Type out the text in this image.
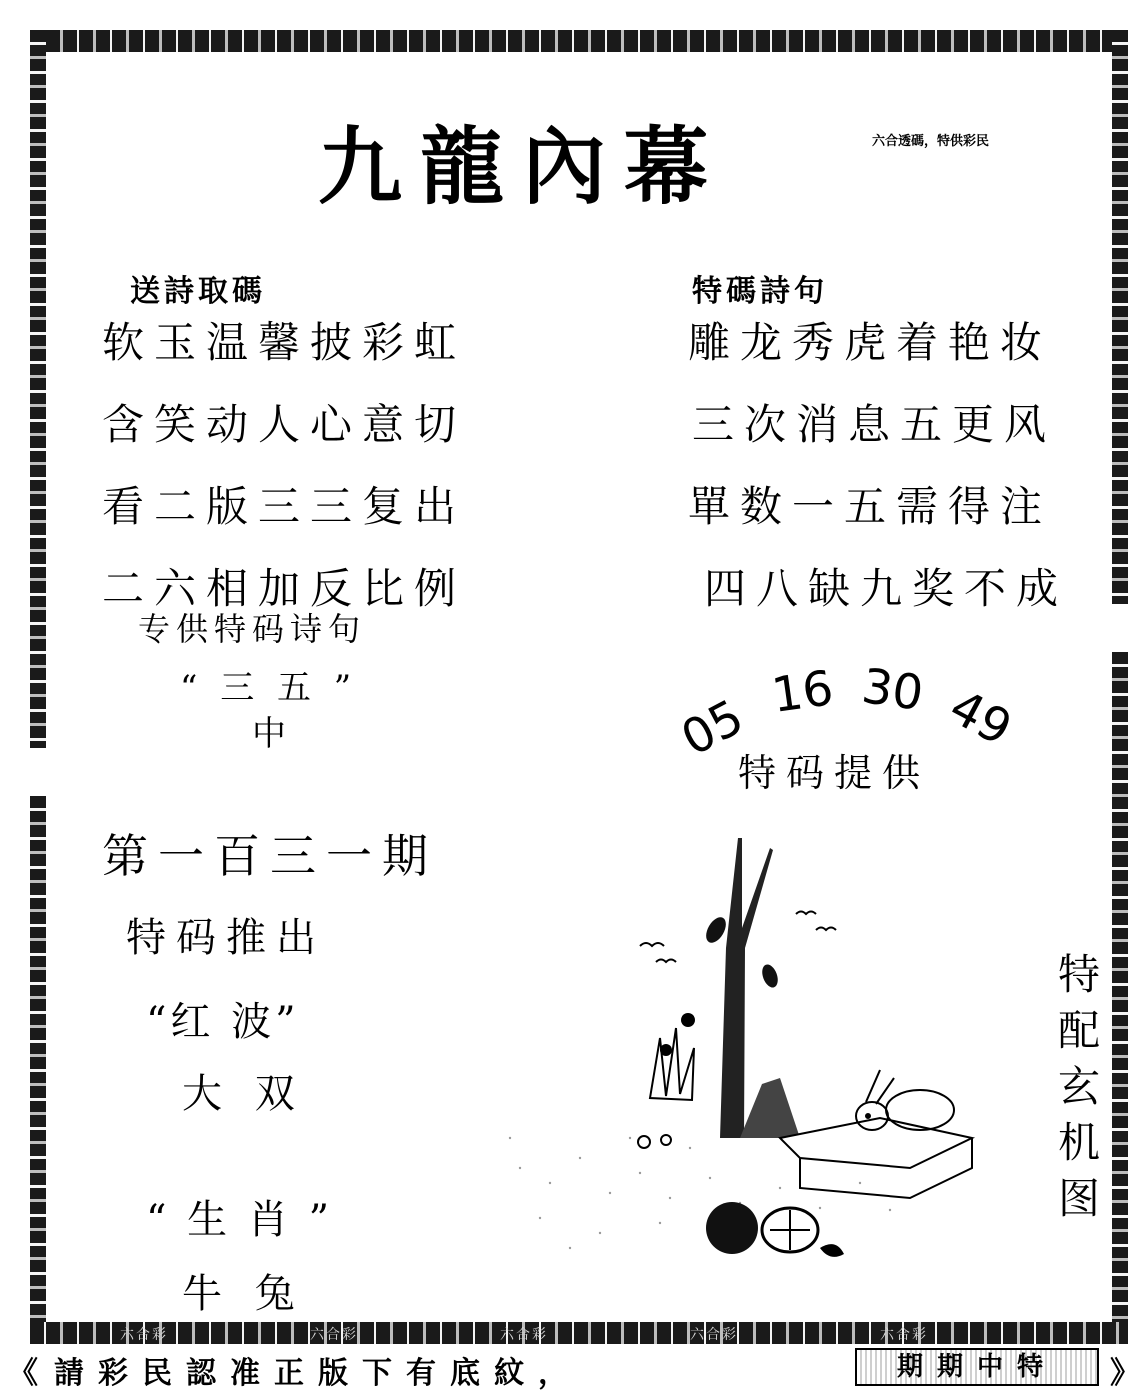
六合彩	六合彩	六合彩	六合彩	六合彩
九龍內幕	六合透碼，特供彩民
送詩取碼
软玉温馨披彩虹
含笑动人心意切
看二版三三复出
二六相加反比例
专供特码诗句
“ 三 五 ”
中
特碼詩句
雕龙秀虎着艳妆
三次消息五更风
單数一五需得注
四八缺九奖不成
05 16 30 49
特码提供
第一百三一期
特码推出
“红 波”
大 双
“ 生 肖 ”
牛 兔
特配玄机图
《 請彩民認准正版下有底紋，	期期中特	》
